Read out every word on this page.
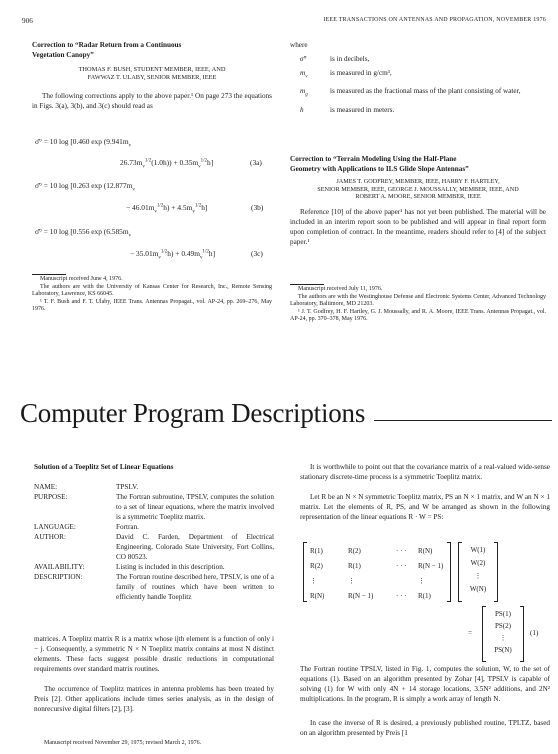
906	IEEE TRANSACTIONS ON ANTENNAS AND PROPAGATION, NOVEMBER 1976
Correction to “Radar Return from a Continuous
Vegetation Canopy”
THOMAS F. BUSH, STUDENT MEMBER, IEEE, AND
FAWWAZ T. ULABY, SENIOR MEMBER, IEEE
The following corrections apply to the above paper.¹ On page 273 the equations in Figs. 3(a), 3(b), and 3(c) should read as
σ̂° = 10 log [0.460 $\exp (9.941m_v$
$26.73m_v^{1/2}(1.0h)) + 0.35m_v^{1/2}h$]	(3a)
σ̂° = 10 log [0.263 $\exp (12.877m_v$
− $46.01m_v^{1/2}h) + 4.5m_v^{1/2}h$]	(3b)
σ̂° = 10 log [0.556 $\exp (6.585m_v$
− $35.01m_v^{1/2}h) + 0.49m_v^{1/2}h$]	(3c)
Manuscript received June 4, 1976.
The authors are with the University of Kansas Center for Research, Inc., Remote Sensing Laboratory, Lawrence, KS 66045.
¹ T. F. Bush and F. T. Ulaby, IEEE Trans. Antennas Propagat., vol. AP-24, pp. 269–276, May 1976.
where
σ̂°	is in decibels,
$m_v$	is measured in g/cm³,
$m_g$	is measured as the fractional mass of the plant consisting of water,
h	is measured in meters.
Correction to “Terrain Modeling Using the Half-Plane
Geometry with Applications to ILS Glide Slope Antennas”
JAMES T. GODFREY, MEMBER, IEEE, HARRY F. HARTLEY,
SENIOR MEMBER, IEEE, GEORGE J. MOUSSALLY, MEMBER, IEEE, AND
ROBERT A. MOORE, SENIOR MEMBER, IEEE
Reference [10] of the above paper¹ has not yet been published. The material will be included in an interim report soon to be published and will appear in final report form upon completion of contract. In the meantime, readers should refer to [4] of the subject paper.¹
Manuscript received July 11, 1976.
The authors are with the Westinghouse Defense and Electronic Systems Center, Advanced Technology Laboratory, Baltimore, MD 21203.
¹ J. T. Godfrey, H. F. Hartley, G. J. Moussally, and R. A. Moore, IEEE Trans. Antennas Propagat., vol. AP-24, pp. 370–378, May 1976.
Computer Program Descriptions
Solution of a Toeplitz Set of Linear Equations
NAME:	TPSLV.
PURPOSE:	The Fortran subroutine, TPSLV, computes the solution to a set of linear equations, where the matrix involved is a symmetric Toeplitz matrix.
LANGUAGE:	Fortran.
AUTHOR:	David C. Farden, Department of Electrical Engineering, Colorado State University, Fort Collins, CO 80523.
AVAILABILITY:	Listing is included in this description.
DESCRIPTION:	The Fortran routine described here, TPSLV, is one of a family of routines which have been written to efficiently handle Toeplitz
matrices. A Toeplitz matrix R is a matrix whose ijth element is a function of only i − j. Consequently, a symmetric N × N Toeplitz matrix contains at most N distinct elements. These facts suggest possible drastic reductions in computational requirements over standard matrix routines.
The occurrence of Toeplitz matrices in antenna problems has been treated by Preis [2]. Other applications include times series analysis, as in the design of nonrecursive digital filters [2], [3].
Manuscript received November 29, 1975; revised March 2, 1976.
It is worthwhile to point out that the covariance matrix of a real-valued wide-sense stationary discrete-time process is a symmetric Toeplitz matrix.
Let R be an N × N symmetric Toeplitz matrix, PS an N × 1 matrix, and W an N × 1 matrix. Let the elements of R, PS, and W be arranged as shown in the following representation of the linear equations R · W = PS:
R(1)	R(2)	· · ·	R(N)
R(2)	R(1)	· · ·	R(N − 1)
⋮	⋮		⋮
R(N)	R(N − 1)	· · ·	R(1)
W(1)
W(2)
⋮
W(N)
=
PS(1)
PS(2)
⋮
PS(N)
(1)
The Fortran routine TPSLV, listed in Fig. 1, computes the solution, W, to the set of equations (1). Based on an algorithm presented by Zohar [4], TPSLV is capable of solving (1) for W with only 4N + 14 storage locations, 3.5N² additions, and 2N² multiplications. In the program, R is simply a work array of length N.
In case the inverse of R is desired, a previously published routine, TPLTZ, based on an algorithm presented by Preis [1
